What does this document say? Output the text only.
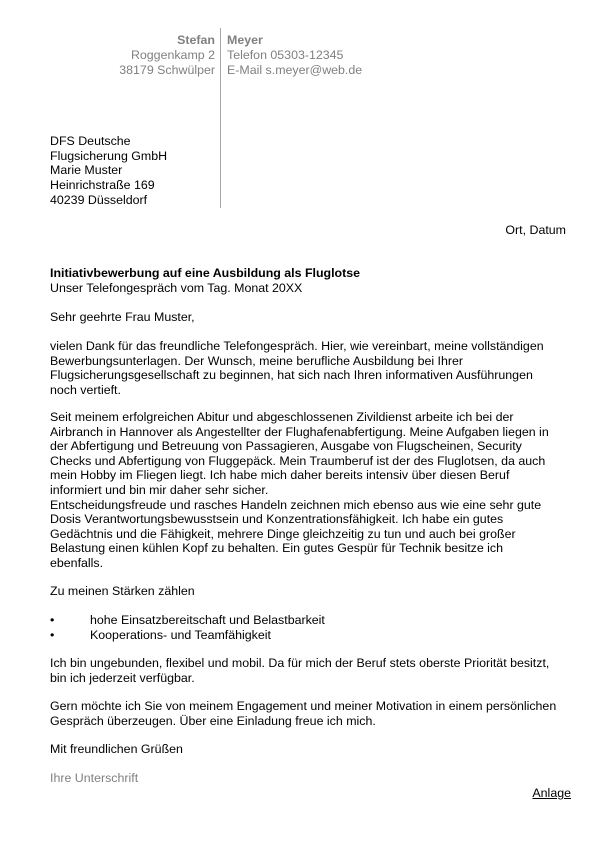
Stefan
Roggenkamp 2
38179 Schwülper
Meyer
Telefon 05303-12345
E-Mail s.meyer@web.de
DFS Deutsche
Flugsicherung GmbH
Marie Muster
Heinrichstraße 169
40239 Düsseldorf
Ort, Datum
Initiativbewerbung auf eine Ausbildung als Fluglotse
Unser Telefongespräch vom Tag. Monat 20XX
Sehr geehrte Frau Muster,

vielen Dank für das freundliche Telefongespräch. Hier, wie vereinbart, meine vollständigen

Bewerbungsunterlagen. Der Wunsch, meine berufliche Ausbildung bei Ihrer

Flugsicherungsgesellschaft zu beginnen, hat sich nach Ihren informativen Ausführungen

noch vertieft.

Seit meinem erfolgreichen Abitur und abgeschlossenen Zivildienst arbeite ich bei der

Airbranch in Hannover als Angestellter der Flughafenabfertigung. Meine Aufgaben liegen in

der Abfertigung und Betreuung von Passagieren, Ausgabe von Flugscheinen, Security

Checks und Abfertigung von Fluggepäck. Mein Traumberuf ist der des Fluglotsen, da auch

mein Hobby im Fliegen liegt. Ich habe mich daher bereits intensiv über diesen Beruf

informiert und bin mir daher sehr sicher.

Entscheidungsfreude und rasches Handeln zeichnen mich ebenso aus wie eine sehr gute

Dosis Verantwortungsbewusstsein und Konzentrationsfähigkeit. Ich habe ein gutes

Gedächtnis und die Fähigkeit, mehrere Dinge gleichzeitig zu tun und auch bei großer

Belastung einen kühlen Kopf zu behalten. Ein gutes Gespür für Technik besitze ich

ebenfalls.

Zu meinen Stärken zählen
•	hohe Einsatzbereitschaft und Belastbarkeit
•	Kooperations- und Teamfähigkeit

Ich bin ungebunden, flexibel und mobil. Da für mich der Beruf stets oberste Priorität besitzt,

bin ich jederzeit verfügbar.

Gern möchte ich Sie von meinem Engagement und meiner Motivation in einem persönlichen

Gespräch überzeugen. Über eine Einladung freue ich mich.

Mit freundlichen Grüßen
Ihre Unterschrift
Anlage
